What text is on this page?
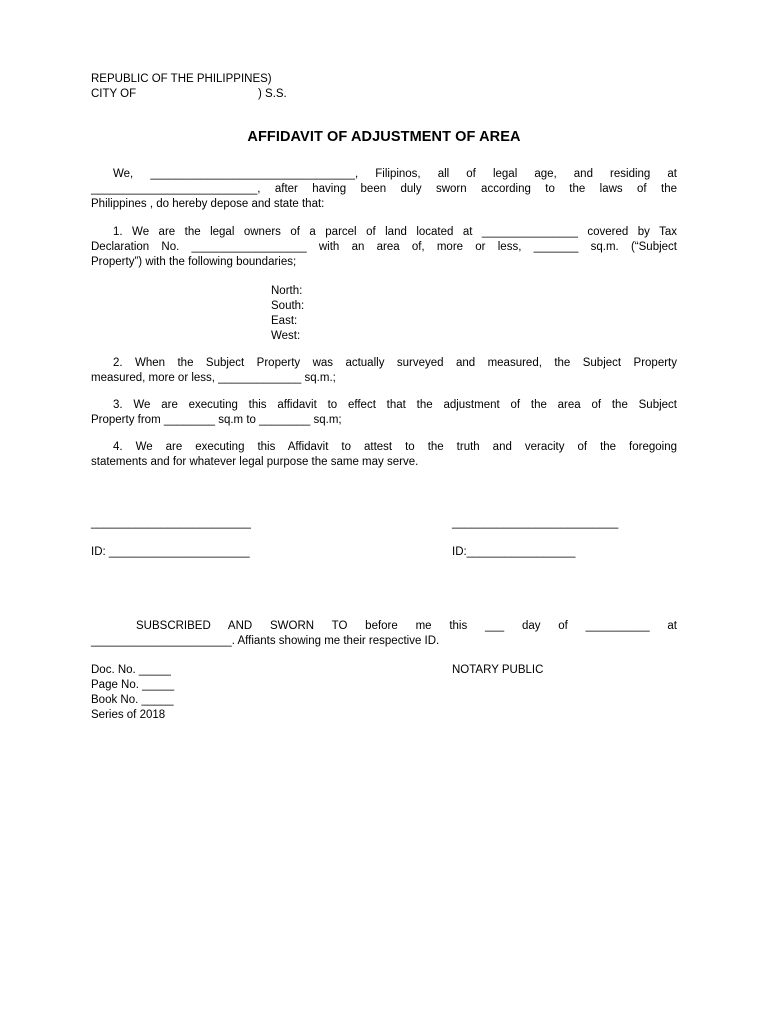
REPUBLIC OF THE PHILIPPINES)
CITY OF	) S.S.
AFFIDAVIT OF ADJUSTMENT OF AREA
We, ________________________________, Filipinos, all of legal age, and residing at
__________________________, after having been duly sworn according to the laws of the
Philippines , do hereby depose and state that:
1. We are the legal owners of a parcel of land located at _______________ covered by Tax
Declaration No. __________________ with an area of, more or less, _______ sq.m. (“Subject
Property”) with the following boundaries;
North:
South:
East:
West:
2. When the Subject Property was actually surveyed and measured, the Subject Property
measured, more or less, _____________ sq.m.;
3. We are executing this affidavit to effect that the adjustment of the area of the Subject
Property from ________ sq.m to ________ sq.m;
4. We are executing this Affidavit to attest to the truth and veracity of the foregoing
statements and for whatever legal purpose the same may serve.
_________________________	__________________________
ID: ______________________	ID:_________________
SUBSCRIBED AND SWORN TO before me this ___ day of __________ at
______________________. Affiants showing me their respective ID.
Doc. No. _____
Page No. _____
Book No. _____
Series of 2018
NOTARY PUBLIC
